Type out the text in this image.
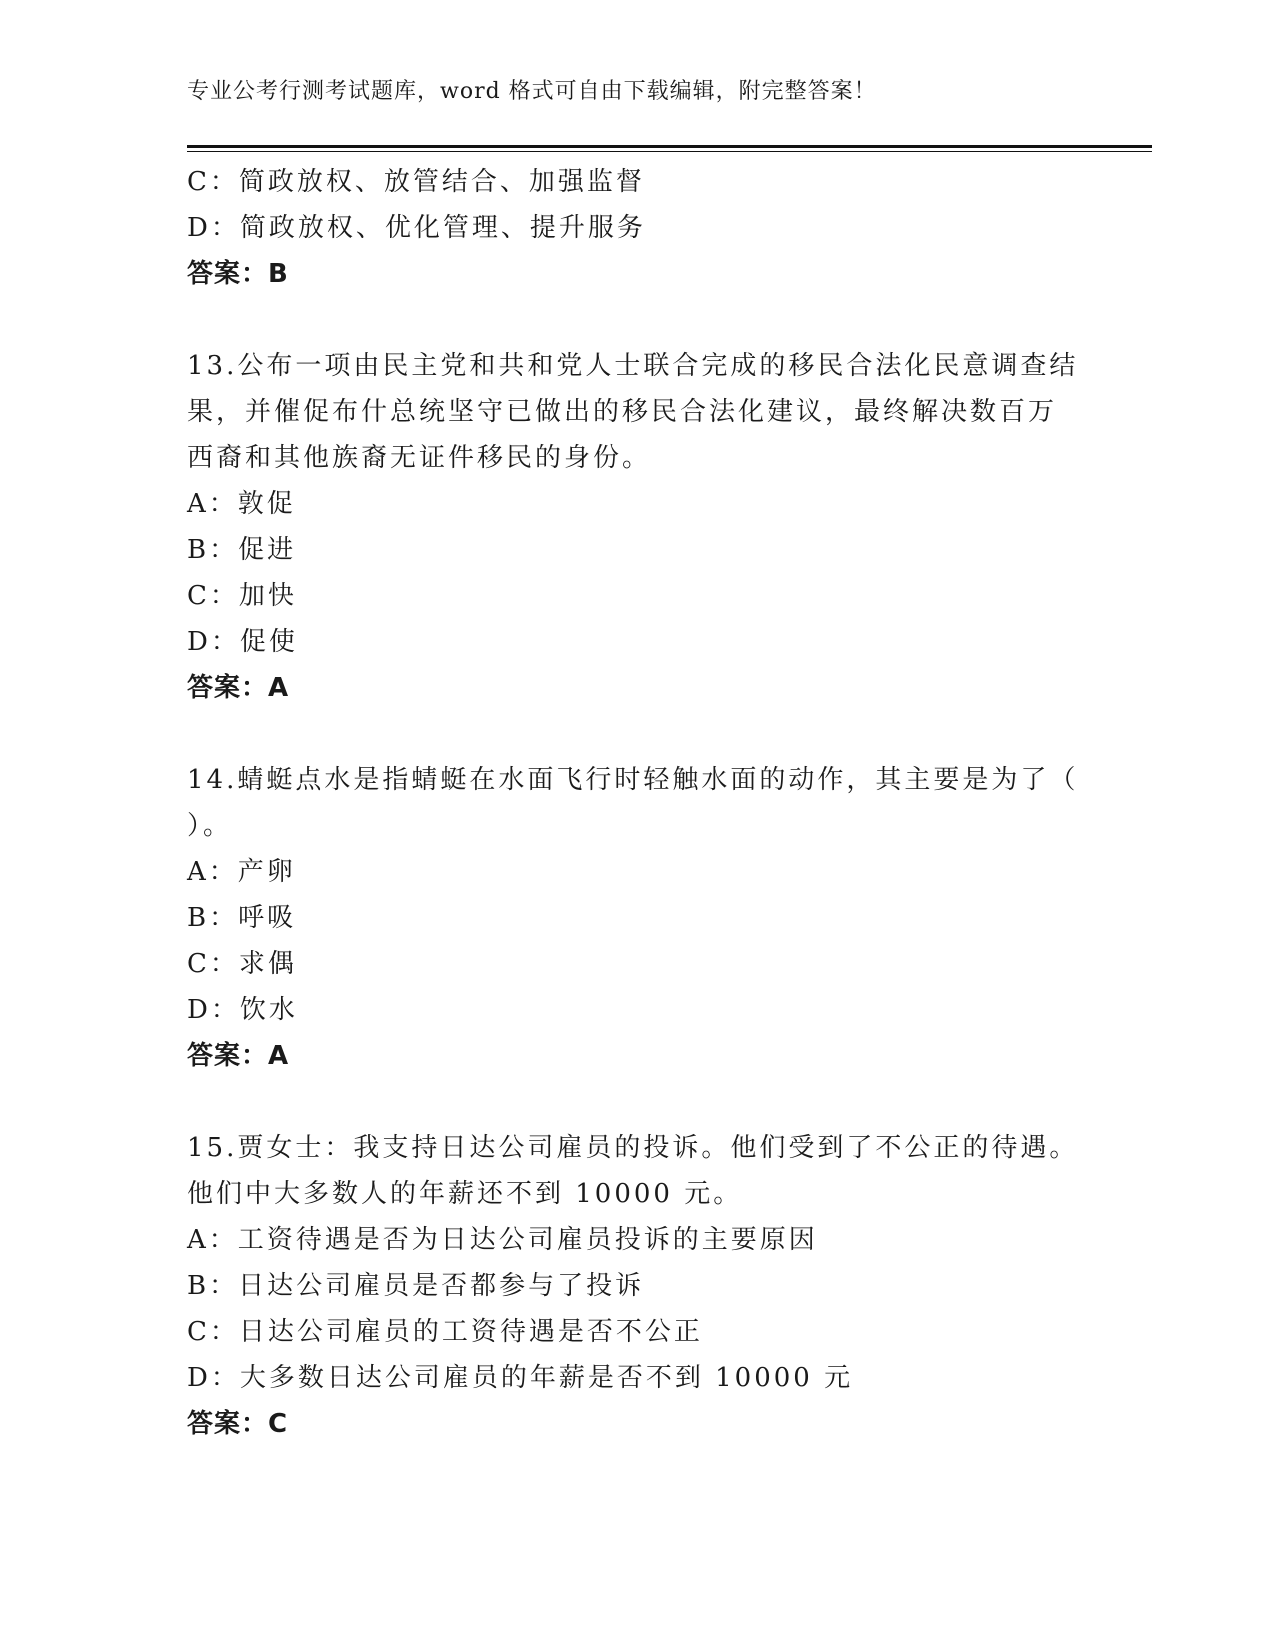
专业公考行测考试题库，word 格式可自由下载编辑，附完整答案！
C：简政放权、放管结合、加强监督
D：简政放权、优化管理、提升服务
答案：B
13.公布一项由民主党和共和党人士联合完成的移民合法化民意调查结
果，并催促布什总统坚守已做出的移民合法化建议，最终解决数百万
西裔和其他族裔无证件移民的身份。
A：敦促
B：促进
C：加快
D：促使
答案：A
14.蜻蜓点水是指蜻蜓在水面飞行时轻触水面的动作，其主要是为了（
）。
A：产卵
B：呼吸
C：求偶
D：饮水
答案：A
15.贾女士：我支持日达公司雇员的投诉。他们受到了不公正的待遇。
他们中大多数人的年薪还不到 10000 元。
A：工资待遇是否为日达公司雇员投诉的主要原因
B：日达公司雇员是否都参与了投诉
C：日达公司雇员的工资待遇是否不公正
D：大多数日达公司雇员的年薪是否不到 10000 元
答案：C
